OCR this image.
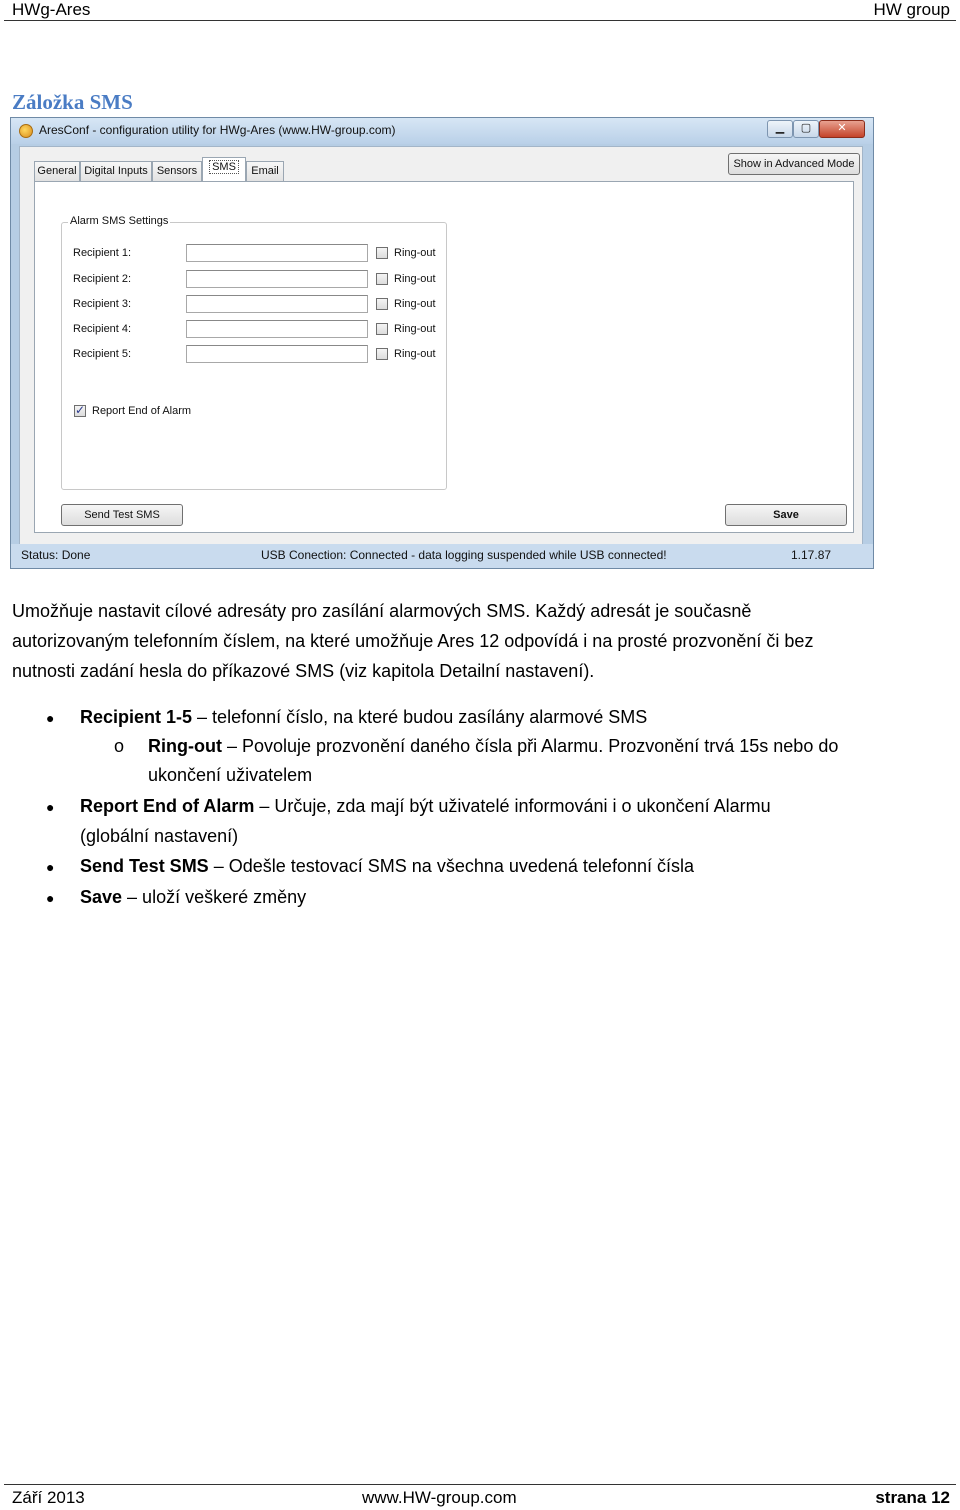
HWg-Ares	HW group
Záložka SMS
AresConf - configuration utility for HWg-Ares (www.HW-group.com)	▁	▢	✕
General Digital Inputs Sensors	SMS	Email
Show in Advanced Mode
Alarm SMS Settings
Recipient 1:	Ring-out
Recipient 2:	Ring-out
Recipient 3:	Ring-out
Recipient 4:	Ring-out
Recipient 5:	Ring-out
✓
Report End of Alarm
Send Test SMS	Save
Status: Done	USB Conection: Connected - data logging suspended while USB connected!	1.17.87
Umožňuje nastavit cílové adresáty pro zasílání alarmových SMS. Každý adresát je současně
autorizovaným telefonním číslem, na které umožňuje Ares 12 odpovídá i na prosté prozvonění či bez
nutnosti zadání hesla do příkazové SMS (viz kapitola Detailní nastavení).
● Recipient 1-5 – telefonní číslo, na které budou zasílány alarmové SMS
o Ring-out – Povoluje prozvonění daného čísla při Alarmu. Prozvonění trvá 15s nebo do
ukončení uživatelem
● Report End of Alarm – Určuje, zda mají být uživatelé informováni i o ukončení Alarmu
(globální nastavení)
● Send Test SMS – Odešle testovací SMS na všechna uvedená telefonní čísla
● Save – uloží veškeré změny
Září 2013	www.HW-group.com	strana 12
